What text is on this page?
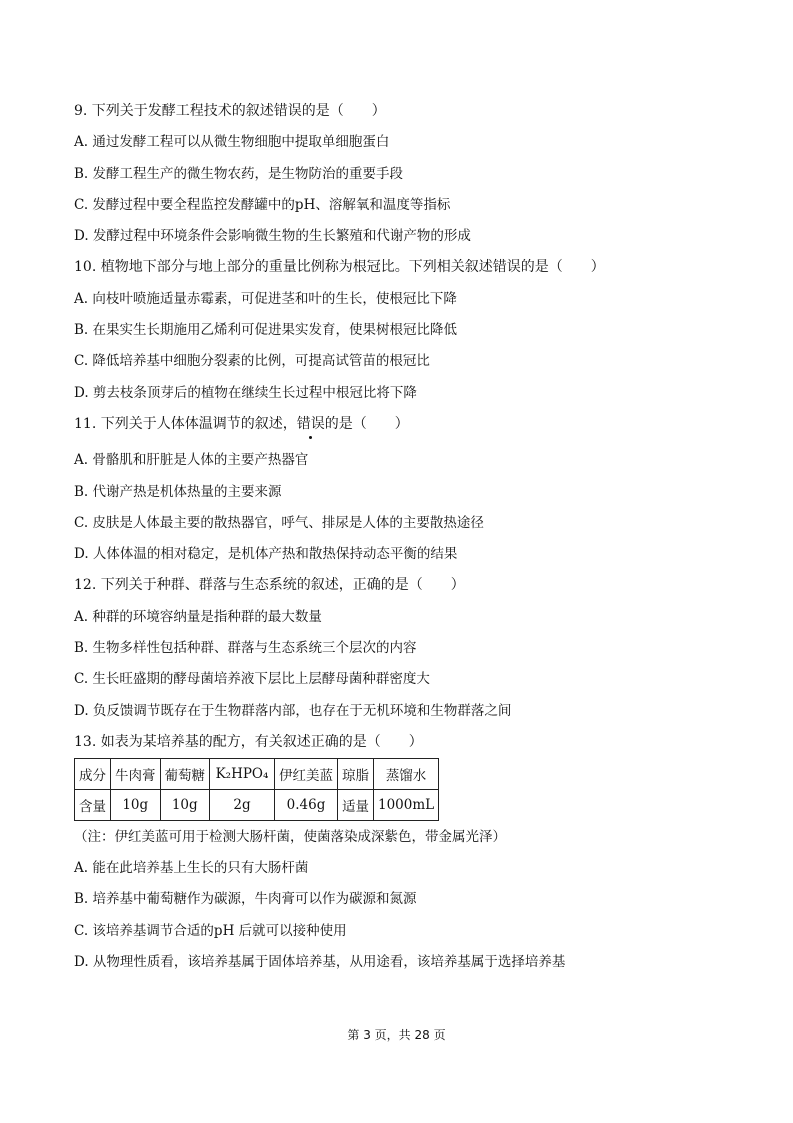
9. 下列关于发酵工程技术的叙述错误的是（　　）
A. 通过发酵工程可以从微生物细胞中提取单细胞蛋白
B. 发酵工程生产的微生物农药，是生物防治的重要手段
C. 发酵过程中要全程监控发酵罐中的pH、溶解氧和温度等指标
D. 发酵过程中环境条件会影响微生物的生长繁殖和代谢产物的形成
10. 植物地下部分与地上部分的重量比例称为根冠比。下列相关叙述错误的是（　　）
A. 向枝叶喷施适量赤霉素，可促进茎和叶的生长，使根冠比下降
B. 在果实生长期施用乙烯利可促进果实发育，使果树根冠比降低
C. 降低培养基中细胞分裂素的比例，可提高试管苗的根冠比
D. 剪去枝条顶芽后的植物在继续生长过程中根冠比将下降
11. 下列关于人体体温调节的叙述，错误的是（　　）
A. 骨骼肌和肝脏是人体的主要产热器官
B. 代谢产热是机体热量的主要来源
C. 皮肤是人体最主要的散热器官，呼气、排尿是人体的主要散热途径
D. 人体体温的相对稳定，是机体产热和散热保持动态平衡的结果
12. 下列关于种群、群落与生态系统的叙述，正确的是（　　）
A. 种群的环境容纳量是指种群的最大数量
B. 生物多样性包括种群、群落与生态系统三个层次的内容
C. 生长旺盛期的酵母菌培养液下层比上层酵母菌种群密度大
D. 负反馈调节既存在于生物群落内部，也存在于无机环境和生物群落之间
13. 如表为某培养基的配方，有关叙述正确的是（　　）
成分	牛肉膏	葡萄糖	K₂HPO₄	伊红美蓝	琼脂	蒸馏水
含量	10g	10g	2g	0.46g	适量	1000mL
（注：伊红美蓝可用于检测大肠杆菌，使菌落染成深紫色，带金属光泽）
A. 能在此培养基上生长的只有大肠杆菌
B. 培养基中葡萄糖作为碳源，牛肉膏可以作为碳源和氮源
C. 该培养基调节合适的pH 后就可以接种使用
D. 从物理性质看，该培养基属于固体培养基，从用途看，该培养基属于选择培养基
第 3 页，共 28 页
